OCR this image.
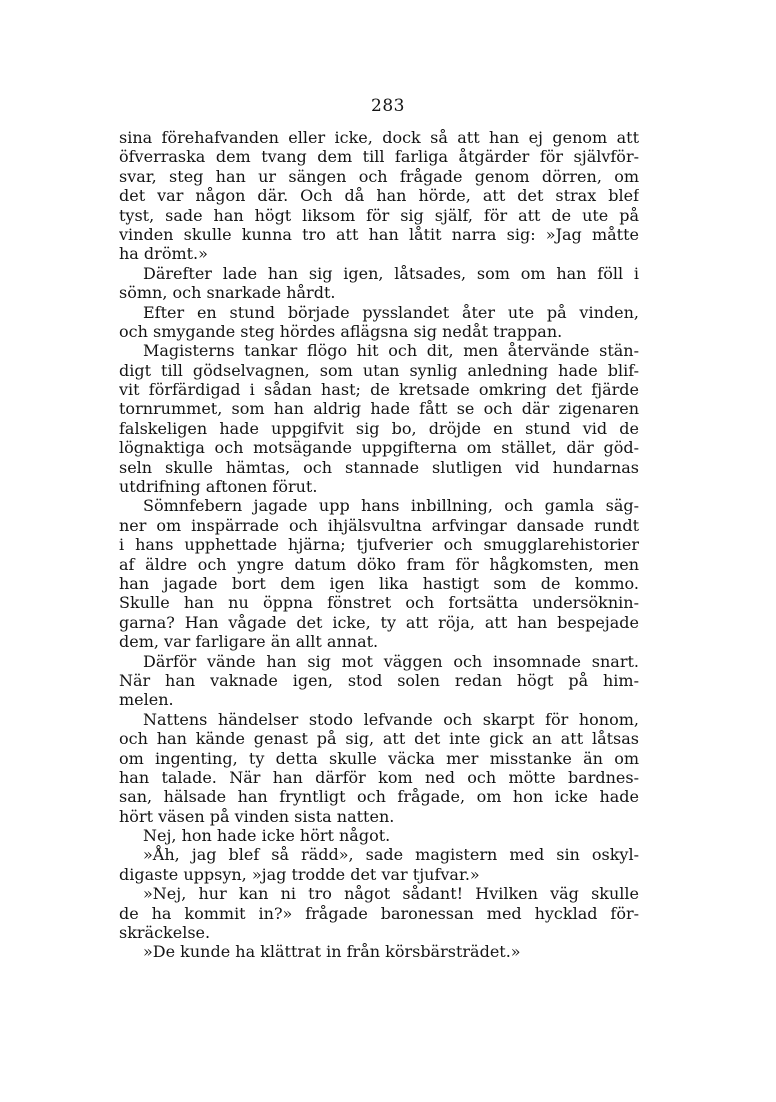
283
sina förehafvanden eller icke, dock så att han ej genom att
öfverraska dem tvang dem till farliga åtgärder för självför-
svar, steg han ur sängen och frågade genom dörren, om
det var någon där. Och då han hörde, att det strax blef
tyst, sade han högt liksom för sig själf, för att de ute på
vinden skulle kunna tro att han låtit narra sig: »Jag måtte
ha drömt.»
Därefter lade han sig igen, låtsades, som om han föll i
sömn, och snarkade hårdt.
Efter en stund började pysslandet åter ute på vinden,
och smygande steg hördes aflägsna sig nedåt trappan.
Magisterns tankar flögo hit och dit, men återvände stän-
digt till gödselvagnen, som utan synlig anledning hade blif-
vit förfärdigad i sådan hast; de kretsade omkring det fjärde
tornrummet, som han aldrig hade fått se och där zigenaren
falskeligen hade uppgifvit sig bo, dröjde en stund vid de
lögnaktiga och motsägande uppgifterna om stället, där göd-
seln skulle hämtas, och stannade slutligen vid hundarnas
utdrifning aftonen förut.
Sömnfebern jagade upp hans inbillning, och gamla säg-
ner om inspärrade och ihjälsvultna arfvingar dansade rundt
i hans upphettade hjärna; tjufverier och smugglarehistorier
af äldre och yngre datum döko fram för hågkomsten, men
han jagade bort dem igen lika hastigt som de kommo.
Skulle han nu öppna fönstret och fortsätta undersöknin-
garna? Han vågade det icke, ty att röja, att han bespejade
dem, var farligare än allt annat.
Därför vände han sig mot väggen och insomnade snart.
När han vaknade igen, stod solen redan högt på him-
melen.
Nattens händelser stodo lefvande och skarpt för honom,
och han kände genast på sig, att det inte gick an att låtsas
om ingenting, ty detta skulle väcka mer misstanke än om
han talade. När han därför kom ned och mötte bardnes-
san, hälsade han fryntligt och frågade, om hon icke hade
hört väsen på vinden sista natten.
Nej, hon hade icke hört något.
»Åh, jag blef så rädd», sade magistern med sin oskyl-
digaste uppsyn, »jag trodde det var tjufvar.»
»Nej, hur kan ni tro något sådant! Hvilken väg skulle
de ha kommit in?» frågade baronessan med hycklad för-
skräckelse.
»De kunde ha klättrat in från körsbärsträdet.»
